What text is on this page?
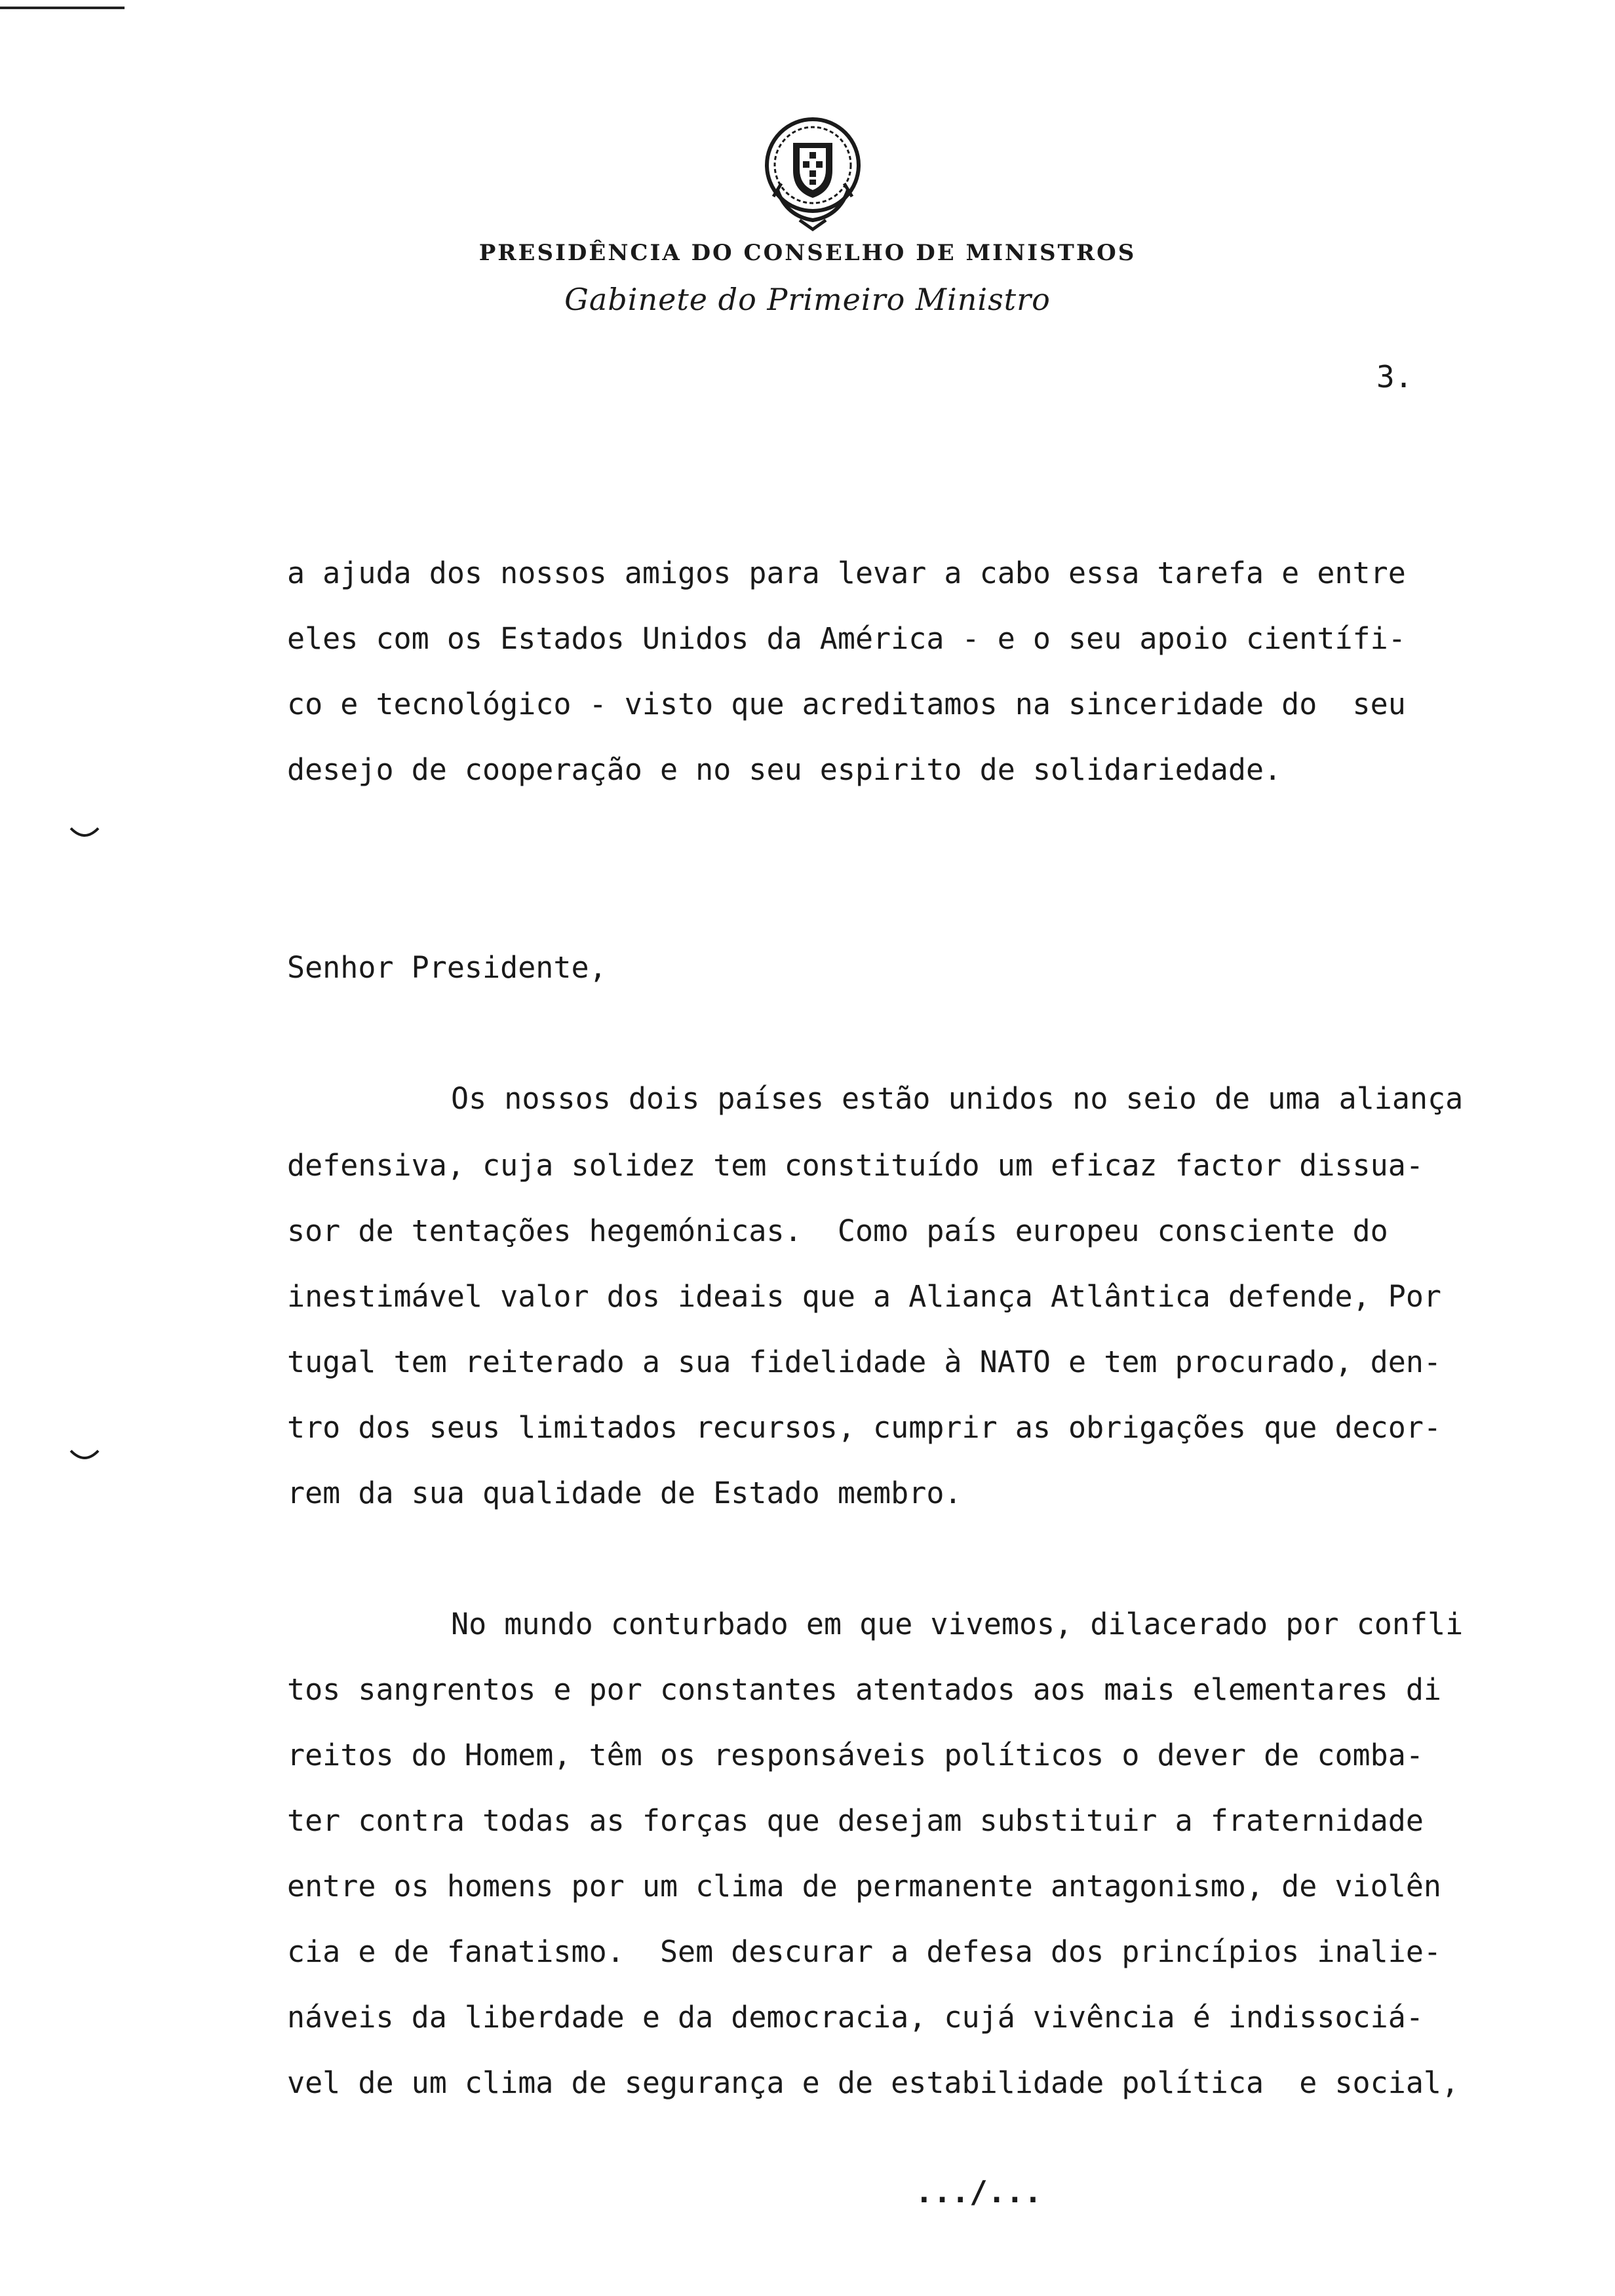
PRESIDÊNCIA DO CONSELHO DE MINISTROS
Gabinete do Primeiro Ministro
3.
a ajuda dos nossos amigos para levar a cabo essa tarefa e entre
eles com os Estados Unidos da América - e o seu apoio científi-
co e tecnológico - visto que acreditamos na sinceridade do  seu
desejo de cooperação e no seu espirito de solidariedade.
Senhor Presidente,
Os nossos dois países estão unidos no seio de uma aliança
defensiva, cuja solidez tem constituído um eficaz factor dissua-
sor de tentações hegemónicas.  Como país europeu consciente do
inestimável valor dos ideais que a Aliança Atlântica defende, Por
tugal tem reiterado a sua fidelidade à NATO e tem procurado, den-
tro dos seus limitados recursos, cumprir as obrigações que decor-
rem da sua qualidade de Estado membro.
No mundo conturbado em que vivemos, dilacerado por confli
tos sangrentos e por constantes atentados aos mais elementares di
reitos do Homem, têm os responsáveis políticos o dever de comba-
ter contra todas as forças que desejam substituir a fraternidade
entre os homens por um clima de permanente antagonismo, de violên
cia e de fanatismo.  Sem descurar a defesa dos princípios inalie-
náveis da liberdade e da democracia, cujá vivência é indissociá-
vel de um clima de segurança e de estabilidade política  e social,
.../...
